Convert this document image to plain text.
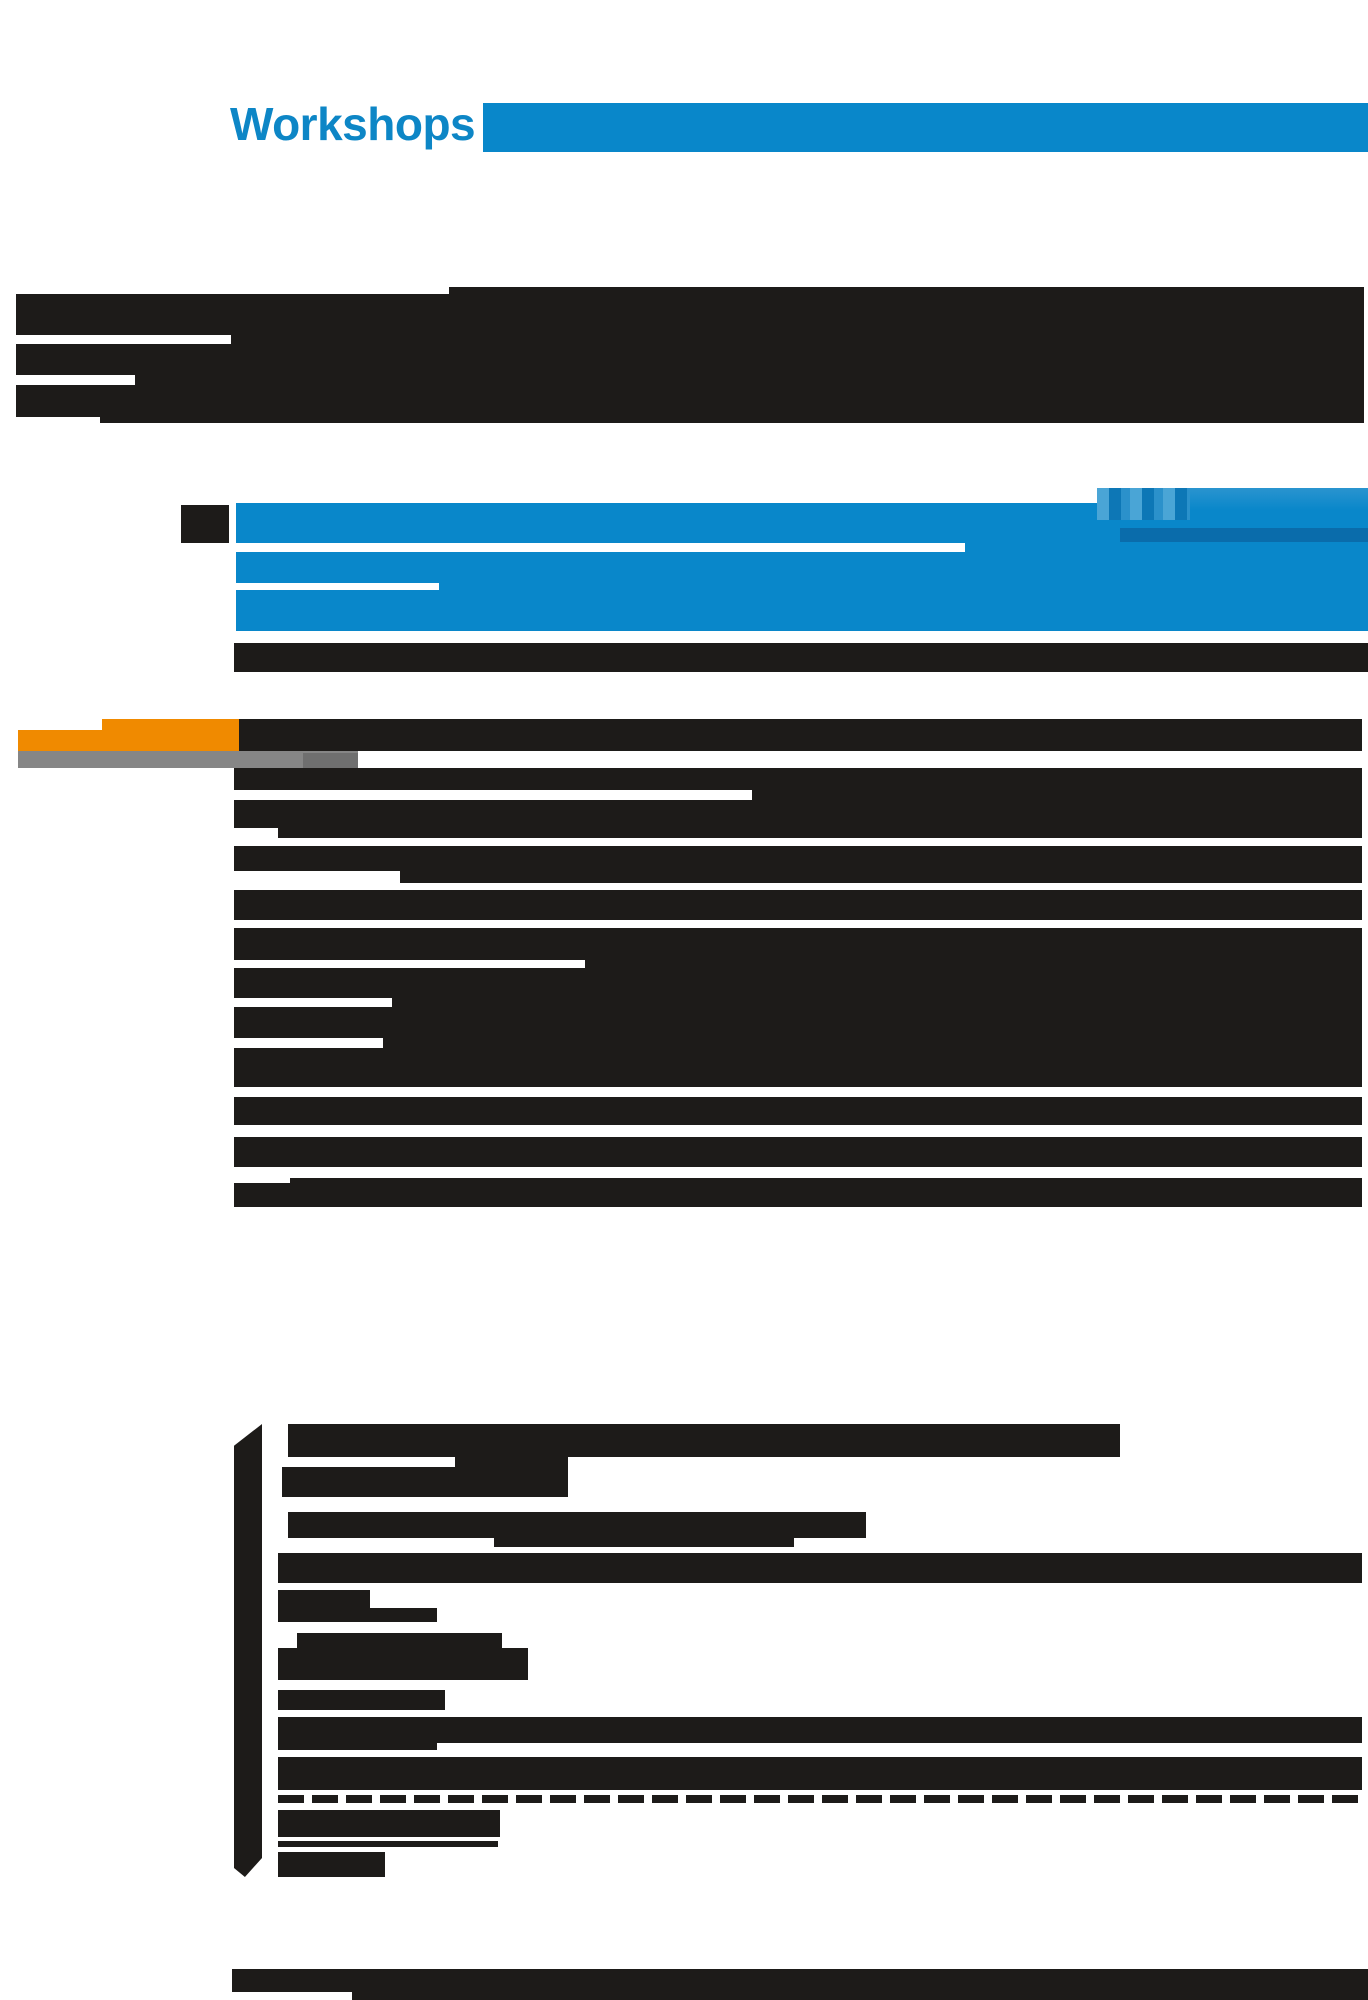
Workshops
